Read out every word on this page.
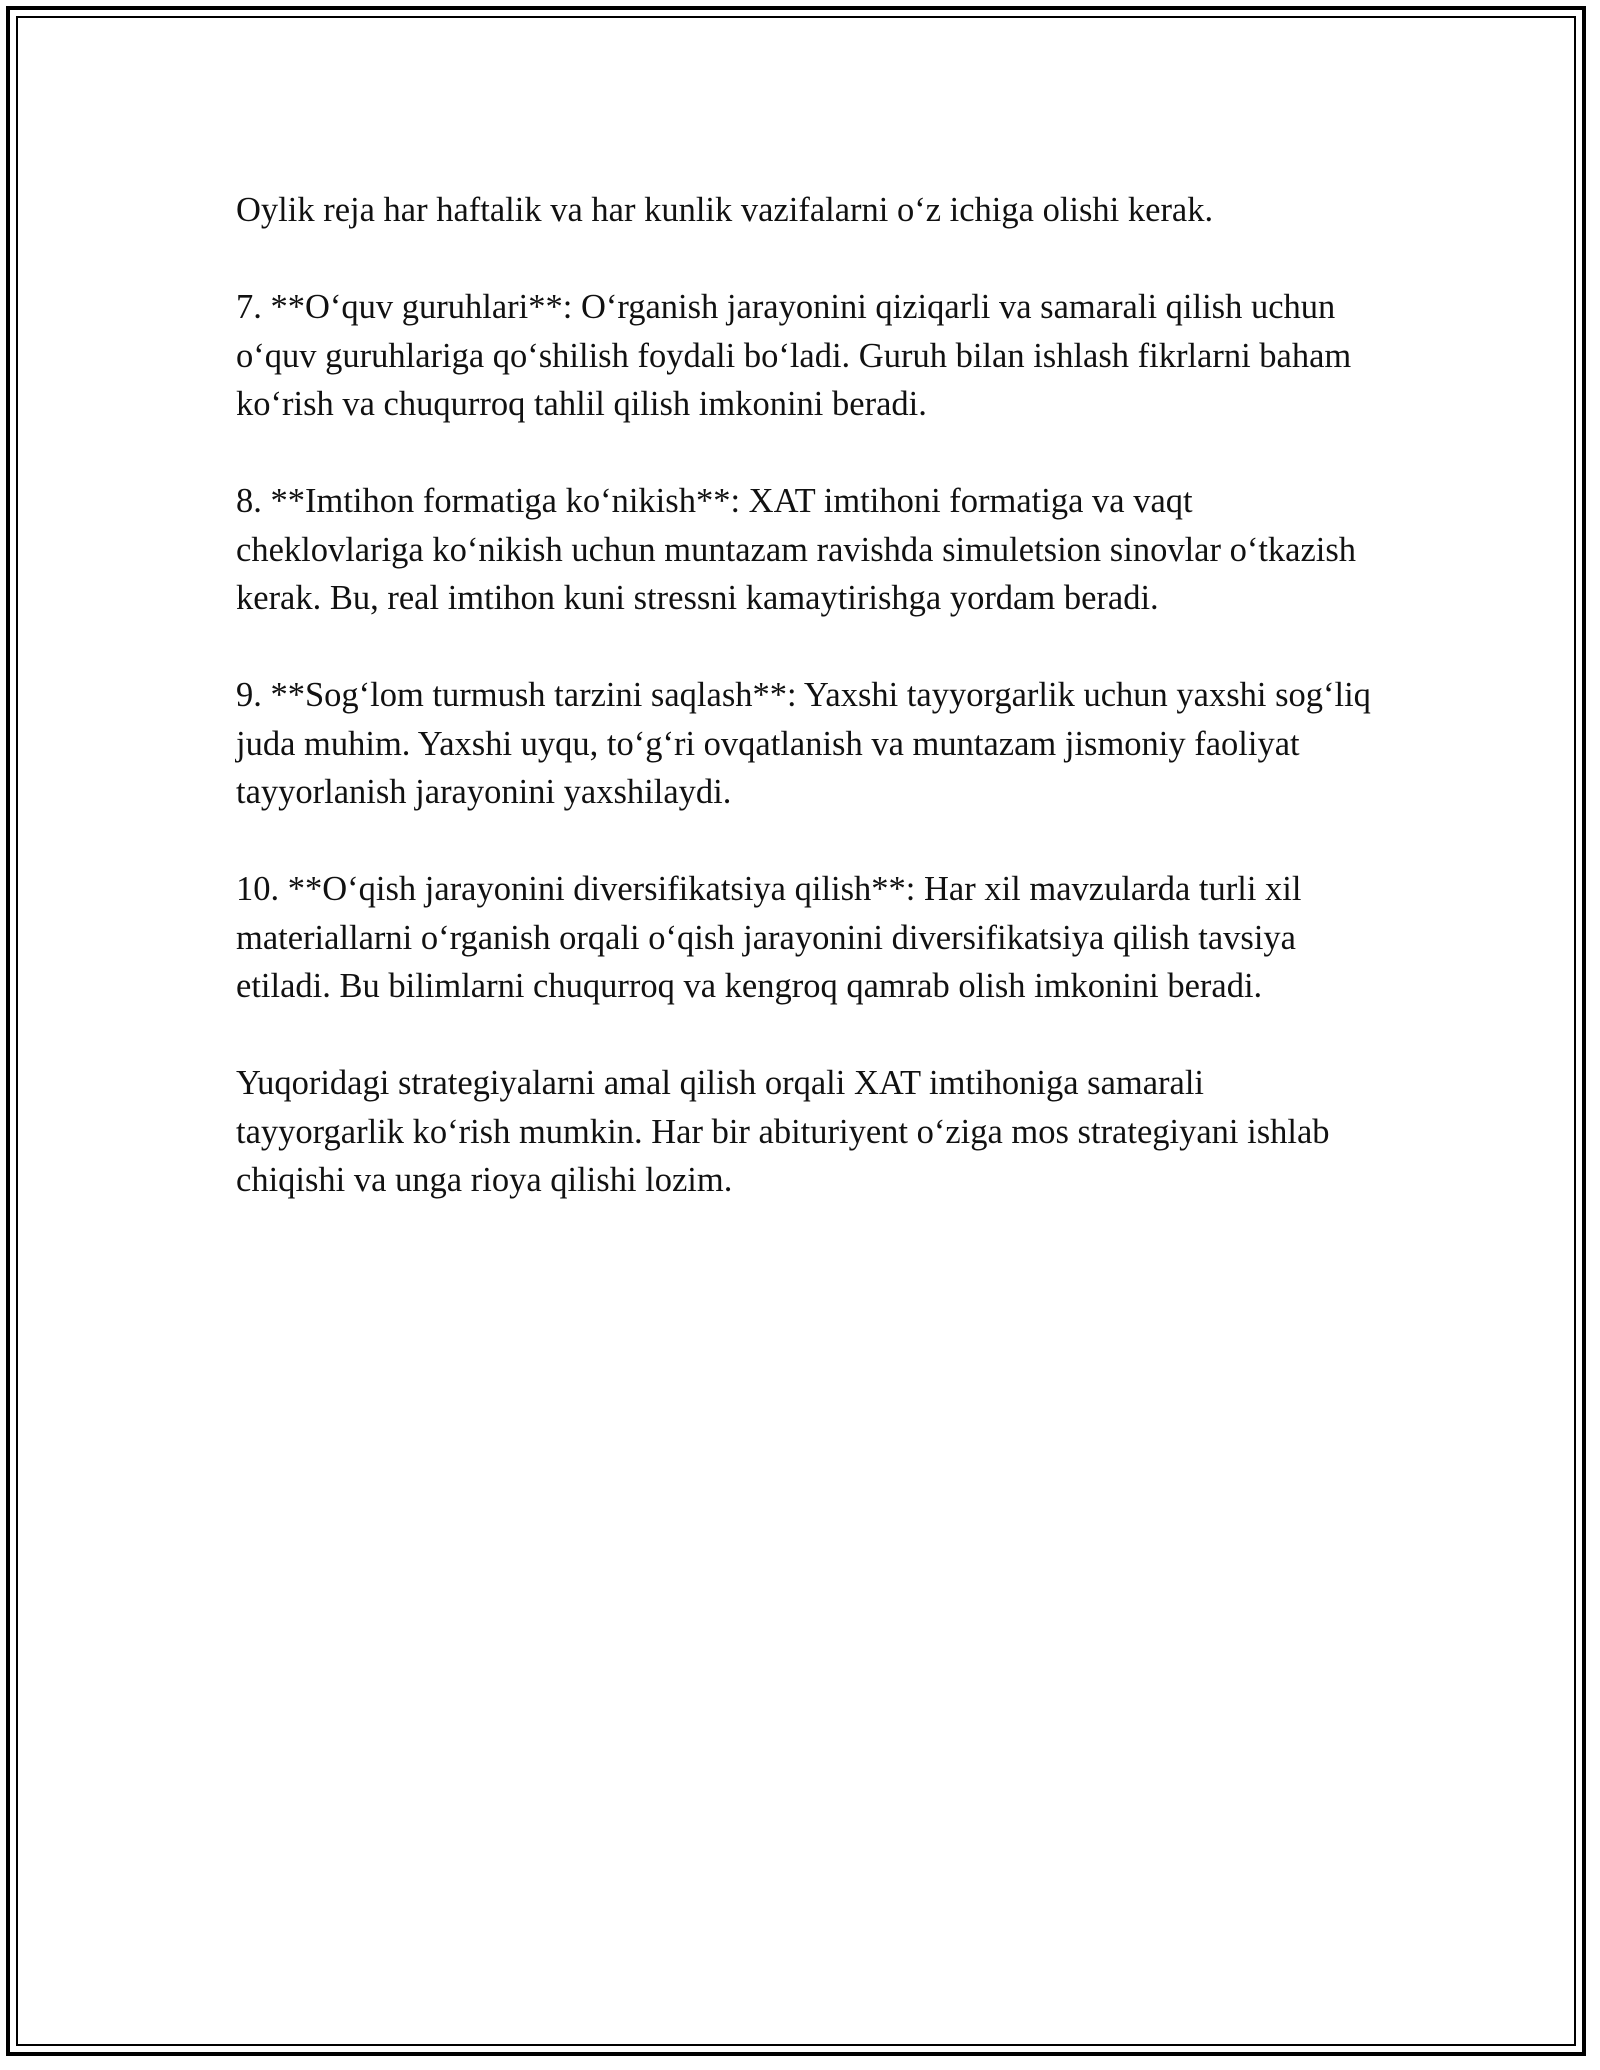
Oylik reja har haftalik va har kunlik vazifalarni o‘z ichiga olishi kerak.

7. **O‘quv guruhlari**: O‘rganish jarayonini qiziqarli va samarali qilish uchun o‘quv guruhlariga qo‘shilish foydali bo‘ladi. Guruh bilan ishlash fikrlarni baham ko‘rish va chuqurroq tahlil qilish imkonini beradi.

8. **Imtihon formatiga ko‘nikish**: XAT imtihoni formatiga va vaqt cheklovlariga ko‘nikish uchun muntazam ravishda simuletsion sinovlar o‘tkazish kerak. Bu, real imtihon kuni stressni kamaytirishga yordam beradi.

9. **Sog‘lom turmush tarzini saqlash**: Yaxshi tayyorgarlik uchun yaxshi sog‘liq juda muhim. Yaxshi uyqu, to‘g‘ri ovqatlanish va muntazam jismoniy faoliyat tayyorlanish jarayonini yaxshilaydi.

10. **O‘qish jarayonini diversifikatsiya qilish**: Har xil mavzularda turli xil materiallarni o‘rganish orqali o‘qish jarayonini diversifikatsiya qilish tavsiya etiladi. Bu bilimlarni chuqurroq va kengroq qamrab olish imkonini beradi.

Yuqoridagi strategiyalarni amal qilish orqali XAT imtihoniga samarali tayyorgarlik ko‘rish mumkin. Har bir abituriyent o‘ziga mos strategiyani ishlab chiqishi va unga rioya qilishi lozim.
